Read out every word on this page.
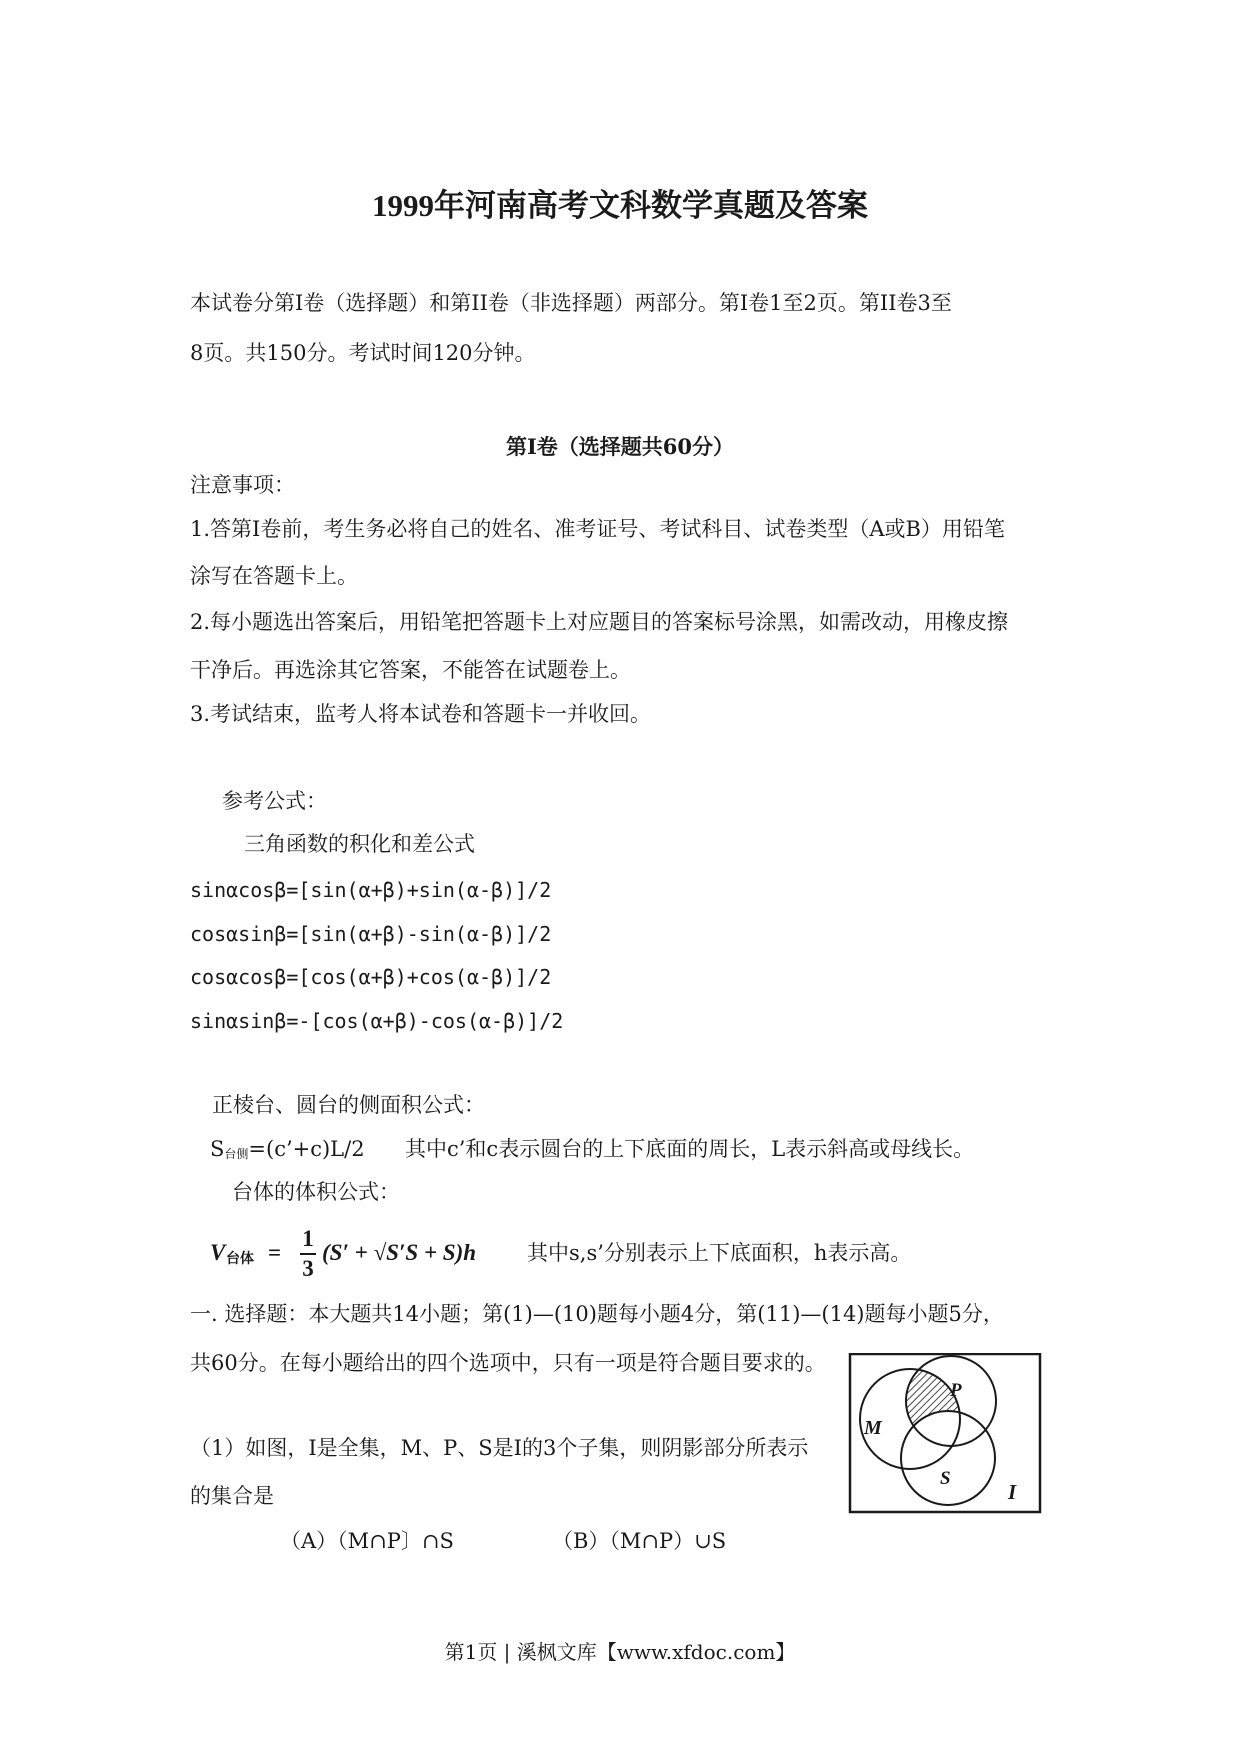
1999年河南高考文科数学真题及答案
本试卷分第Ⅰ卷（选择题）和第II卷（非选择题）两部分。第Ⅰ卷1至2页。第II卷3至
8页。共150分。考试时间120分钟。
第Ⅰ卷（选择题共60分）
注意事项：
1.答第Ⅰ卷前，考生务必将自己的姓名、准考证号、考试科目、试卷类型（A或B）用铅笔
涂写在答题卡上。
2.每小题选出答案后，用铅笔把答题卡上对应题目的答案标号涂黑，如需改动，用橡皮擦
干净后。再选涂其它答案，不能答在试题卷上。
3.考试结束，监考人将本试卷和答题卡一并收回。
参考公式：
三角函数的积化和差公式
sinαcosβ=[sin(α+β)+sin(α-β)]/2
cosαsinβ=[sin(α+β)-sin(α-β)]/2
cosαcosβ=[cos(α+β)+cos(α-β)]/2
sinαsinβ=-[cos(α+β)-cos(α-β)]/2
正棱台、圆台的侧面积公式：
S台侧=(c’+c)L/2 其中c’和c表示圆台的上下底面的周长，L表示斜高或母线长。
台体的体积公式：
V 台体 =
1
3
(S′ + √S′S + S)h 其中s,s’分别表示上下底面积，h表示高。
一. 选择题：本大题共14小题；第(1)—(10)题每小题4分，第(11)—(14)题每小题5分，
共60分。在每小题给出的四个选项中，只有一项是符合题目要求的。
（1）如图，I是全集，M、P、S是I的3个子集，则阴影部分所表示
的集合是
（A）（M∩P〕∩S	（B）（M∩P）∪S
M
P
S
I
第1页 | 溪枫文库【www.xfdoc.com】
